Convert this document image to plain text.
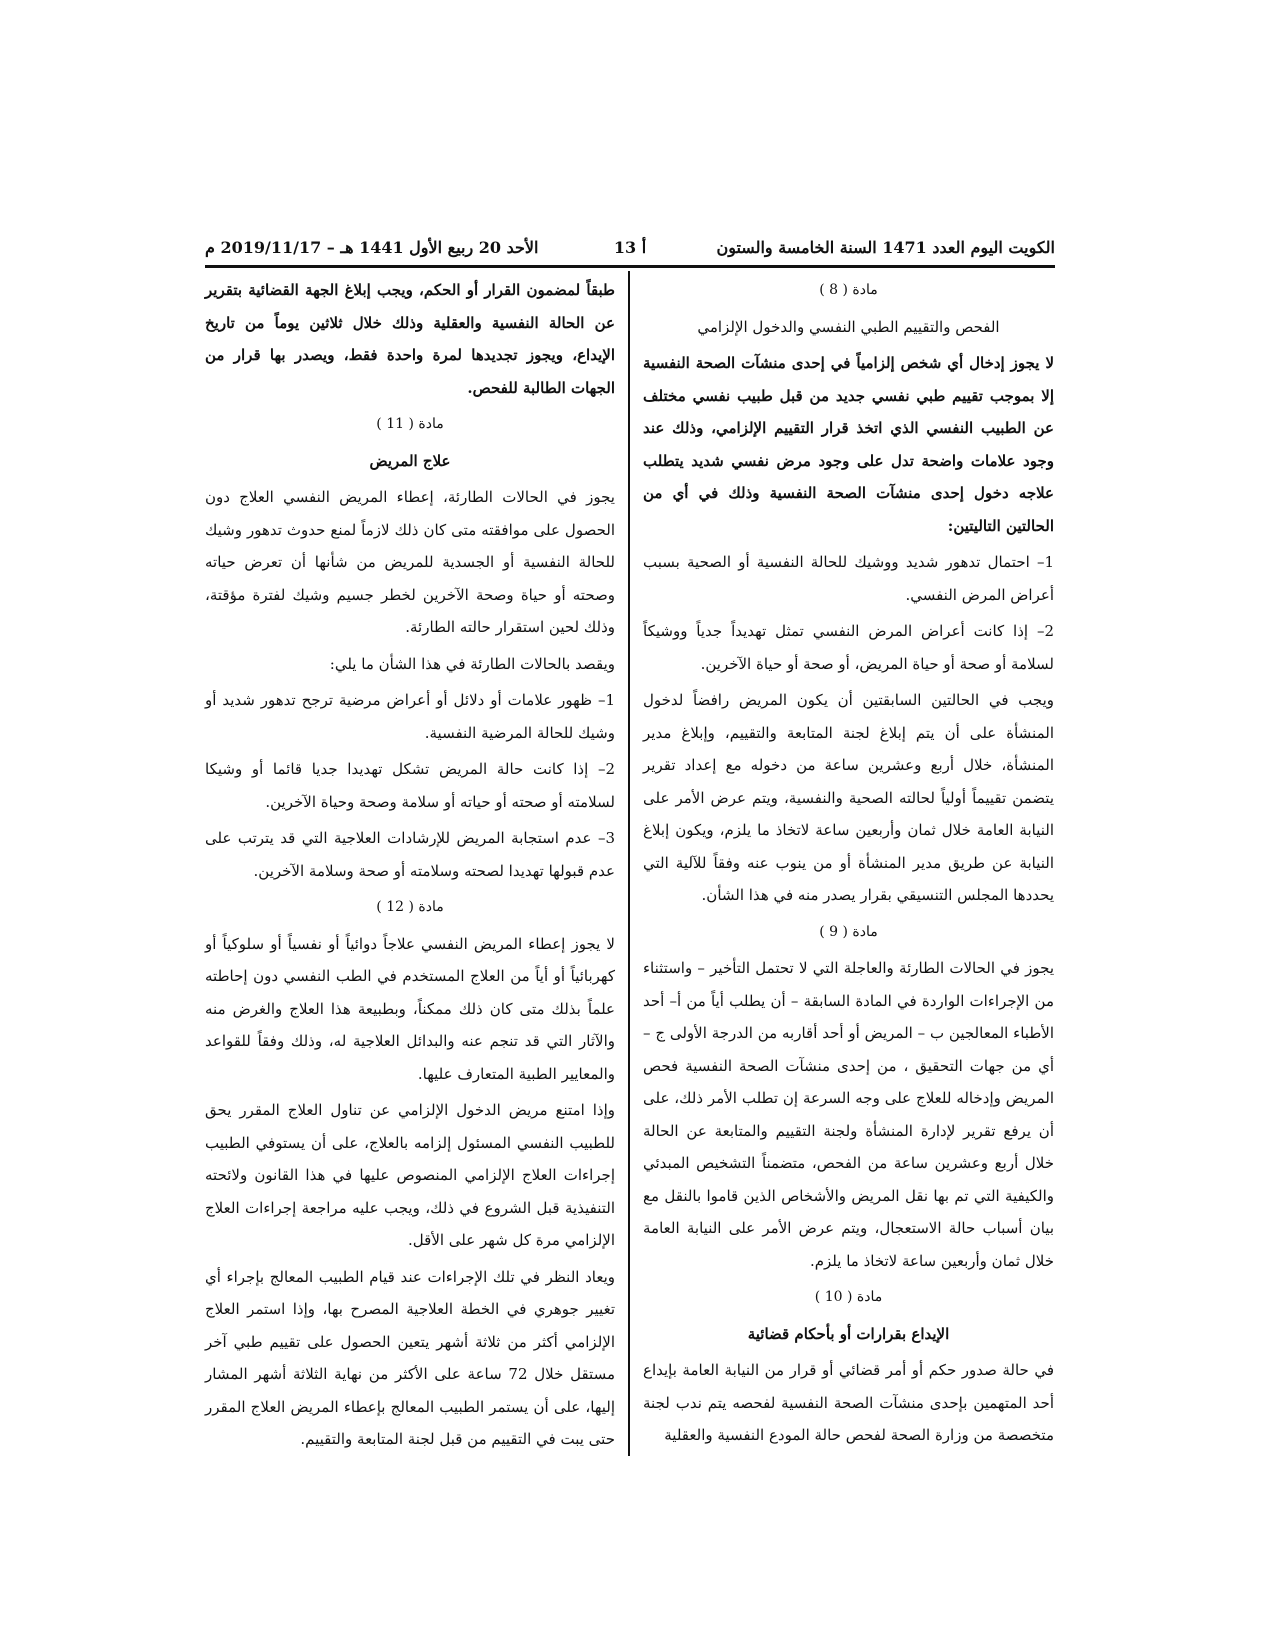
الكويت اليوم العدد 1471 السنة الخامسة والستون
أ 13
الأحد 20 ربيع الأول 1441 هـ – 2019/11/17 م

مادة ( 8 )

الفحص والتقييم الطبي النفسي والدخول الإلزامي

لا يجوز إدخال أي شخص إلزامياً في إحدى منشآت الصحة النفسية إلا بموجب تقييم طبي نفسي جديد من قبل طبيب نفسي مختلف عن الطبيب النفسي الذي اتخذ قرار التقييم الإلزامي، وذلك عند وجود علامات واضحة تدل على وجود مرض نفسي شديد يتطلب علاجه دخول إحدى منشآت الصحة النفسية وذلك في أي من الحالتين التاليتين:

1– احتمال تدهور شديد ووشيك للحالة النفسية أو الصحية بسبب أعراض المرض النفسي.

2– إذا كانت أعراض المرض النفسي تمثل تهديداً جدياً ووشيكاً لسلامة أو صحة أو حياة المريض، أو صحة أو حياة الآخرين.

ويجب في الحالتين السابقتين أن يكون المريض رافضاً لدخول المنشأة على أن يتم إبلاغ لجنة المتابعة والتقييم، وإبلاغ مدير المنشأة، خلال أربع وعشرين ساعة من دخوله مع إعداد تقرير يتضمن تقييماً أولياً لحالته الصحية والنفسية، ويتم عرض الأمر على النيابة العامة خلال ثمان وأربعين ساعة لاتخاذ ما يلزم، ويكون إبلاغ النيابة عن طريق مدير المنشأة أو من ينوب عنه وفقاً للآلية التي يحددها المجلس التنسيقي بقرار يصدر منه في هذا الشأن.

مادة ( 9 )

يجوز في الحالات الطارئة والعاجلة التي لا تحتمل التأخير – واستثناء من الإجراءات الواردة في المادة السابقة – أن يطلب أياً من أ– أحد الأطباء المعالجين ب – المريض أو أحد أقاربه من الدرجة الأولى ج – أي من جهات التحقيق ، من إحدى منشآت الصحة النفسية فحص المريض وإدخاله للعلاج على وجه السرعة إن تطلب الأمر ذلك، على أن يرفع تقرير لإدارة المنشأة ولجنة التقييم والمتابعة عن الحالة خلال أربع وعشرين ساعة من الفحص، متضمناً التشخيص المبدئي والكيفية التي تم بها نقل المريض والأشخاص الذين قاموا بالنقل مع بيان أسباب حالة الاستعجال، ويتم عرض الأمر على النيابة العامة خلال ثمان وأربعين ساعة لاتخاذ ما يلزم.

مادة ( 10 )

الإيداع بقرارات أو بأحكام قضائية

في حالة صدور حكم أو أمر قضائي أو قرار من النيابة العامة بإيداع أحد المتهمين بإحدى منشآت الصحة النفسية لفحصه يتم ندب لجنة متخصصة من وزارة الصحة لفحص حالة المودع النفسية والعقلية

طبقاً لمضمون القرار أو الحكم، ويجب إبلاغ الجهة القضائية بتقرير عن الحالة النفسية والعقلية وذلك خلال ثلاثين يوماً من تاريخ الإيداع، ويجوز تجديدها لمرة واحدة فقط، ويصدر بها قرار من الجهات الطالبة للفحص.

مادة ( 11 )

علاج المريض

يجوز في الحالات الطارئة، إعطاء المريض النفسي العلاج دون الحصول على موافقته متى كان ذلك لازماً لمنع حدوث تدهور وشيك للحالة النفسية أو الجسدية للمريض من شأنها أن تعرض حياته وصحته أو حياة وصحة الآخرين لخطر جسيم وشيك لفترة مؤقتة، وذلك لحين استقرار حالته الطارئة.

ويقصد بالحالات الطارئة في هذا الشأن ما يلي:

1– ظهور علامات أو دلائل أو أعراض مرضية ترجح تدهور شديد أو وشيك للحالة المرضية النفسية.

2– إذا كانت حالة المريض تشكل تهديدا جديا قائما أو وشيكا لسلامته أو صحته أو حياته أو سلامة وصحة وحياة الآخرين.

3– عدم استجابة المريض للإرشادات العلاجية التي قد يترتب على عدم قبولها تهديدا لصحته وسلامته أو صحة وسلامة الآخرين.

مادة ( 12 )

لا يجوز إعطاء المريض النفسي علاجاً دوائياً أو نفسياً أو سلوكياً أو كهربائياً أو أياً من العلاج المستخدم في الطب النفسي دون إحاطته علماً بذلك متى كان ذلك ممكناً، وبطبيعة هذا العلاج والغرض منه والآثار التي قد تنجم عنه والبدائل العلاجية له، وذلك وفقاً للقواعد والمعايير الطبية المتعارف عليها.

وإذا امتنع مريض الدخول الإلزامي عن تناول العلاج المقرر يحق للطبيب النفسي المسئول إلزامه بالعلاج، على أن يستوفي الطبيب إجراءات العلاج الإلزامي المنصوص عليها في هذا القانون ولائحته التنفيذية قبل الشروع في ذلك، ويجب عليه مراجعة إجراءات العلاج الإلزامي مرة كل شهر على الأقل.

ويعاد النظر في تلك الإجراءات عند قيام الطبيب المعالج بإجراء أي تغيير جوهري في الخطة العلاجية المصرح بها، وإذا استمر العلاج الإلزامي أكثر من ثلاثة أشهر يتعين الحصول على تقييم طبي آخر مستقل خلال 72 ساعة على الأكثر من نهاية الثلاثة أشهر المشار إليها، على أن يستمر الطبيب المعالج بإعطاء المريض العلاج المقرر حتى يبت في التقييم من قبل لجنة المتابعة والتقييم.
